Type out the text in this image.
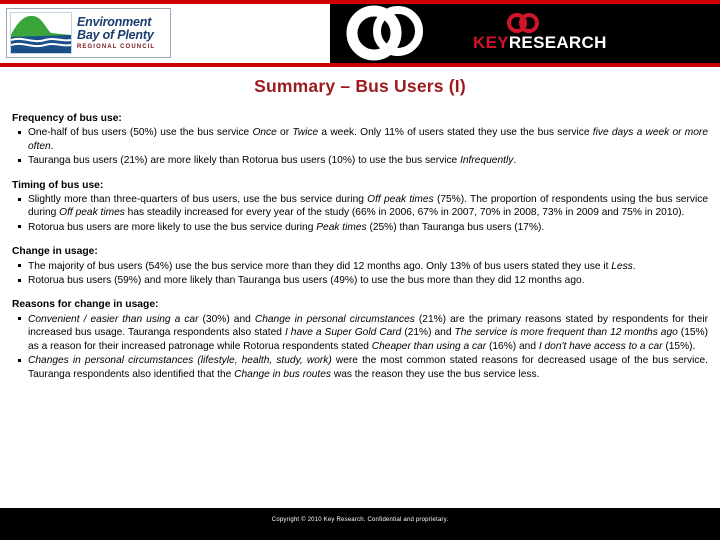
Environment
Bay of Plenty
REGIONAL COUNCIL	KEYRESEARCH
Summary – Bus Users (I)
Frequency of bus use:
One-half of bus users (50%) use the bus service Once or Twice a week. Only 11% of users stated they use the bus service five days a week or more often.
Tauranga bus users (21%) are more likely than Rotorua bus users (10%) to use the bus service Infrequently.
Timing of bus use:
Slightly more than three-quarters of bus users, use the bus service during Off peak times (75%). The proportion of respondents using the bus service during Off peak times has steadily increased for every year of the study (66% in 2006, 67% in 2007, 70% in 2008, 73% in 2009 and 75% in 2010).
Rotorua bus users are more likely to use the bus service during Peak times (25%) than Tauranga bus users (17%).
Change in usage:
The majority of bus users (54%) use the bus service more than they did 12 months ago. Only 13% of bus users stated they use it Less.
Rotorua bus users (59%) and more likely than Tauranga bus users (49%) to use the bus more than they did 12 months ago.
Reasons for change in usage:
Convenient / easier than using a car (30%) and Change in personal circumstances (21%) are the primary reasons stated by respondents for their increased bus usage. Tauranga respondents also stated I have a Super Gold Card (21%) and The service is more frequent than 12 months ago (15%) as a reason for their increased patronage while Rotorua respondents stated Cheaper than using a car (16%) and I don't have access to a car (15%).
Changes in personal circumstances (lifestyle, health, study, work) were the most common stated reasons for decreased usage of the bus service. Tauranga respondents also identified that the Change in bus routes was the reason they use the bus service less.
Copyright © 2010 Key Research. Confidential and proprietary.
